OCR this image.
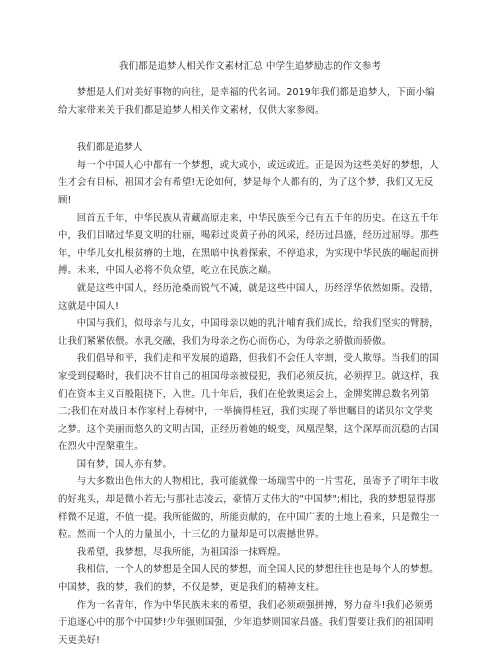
我们都是追梦人相关作文素材汇总 中学生追梦励志的作文参考

梦想是人们对美好事物的向往，是幸福的代名词。2019年我们都是追梦人，下面小编给大家带来关于我们都是追梦人相关作文素材，仅供大家参阅。

我们都是追梦人

每一个中国人心中都有一个梦想，或大或小，或远或近。正是因为这些美好的梦想，人生才会有目标，祖国才会有希望!无论如何，梦是每个人都有的，为了这个梦，我们又无反顾!

回首五千年，中华民族从青藏高原走来，中华民族至今已有五千年的历史。在这五千年中，我们目睹过华夏文明的壮丽，喝彩过炎黄子孙的风采，经历过昌盛，经历过屈辱。那些年，中华儿女扎根贫瘠的土地，在黑暗中执着探索，不停追求，为实现中华民族的崛起而拼搏。未来，中国人必将不负众望，屹立在民族之巅。

就是这些中国人，经历沧桑而锐气不减，就是这些中国人，历经浮华依然如斯。没错，这就是中国人!

中国与我们，似母亲与儿女，中国母亲以她的乳汁哺育我们成长，给我们坚实的臂膀，让我们紧紧依偎。水乳交融，我们为母亲之伤心而伤心，为母亲之骄傲而骄傲。

我们倡导和平，我们走和平发展的道路，但我们不会任人宰割，受人欺辱。当我们的国家受到侵略时，我们决不甘自己的祖国母亲被侵犯，我们必须反抗，必须捍卫。就这样，我们在资本主义百般阻挠下，入世。几十年后，我们在伦敦奥运会上，金牌奖牌总数名列第二;我们在对战日本作家村上春树中，一举摘得桂冠，我们实现了举世瞩目的诺贝尔文学奖之梦。这个美丽而悠久的文明古国，正经历着她的蜕变，凤凰涅槃，这个深厚而沉稳的古国在烈火中涅槃重生。

国有梦，国人亦有梦。

与大多数出色伟大的人物相比，我可能就像一场瑞雪中的一片雪花，虽寄予了明年丰收的好兆头，却是微小若无;与那社志凌云，豪情万丈伟大的"中国梦";相比，我的梦想显得那样微不足道，不值一提。我所能做的，所能贡献的，在中国广袤的土地上看来，只是微尘一粒。然而一个人的力量虽小，十三亿的力量却是可以震撼世界。

我希望，我梦想，尽我所能，为祖国添一抹辉煌。

我相信，一个人的梦想是全国人民的梦想，而全国人民的梦想往往也是每个人的梦想。中国梦，我的梦，我们的梦，不仅是梦，更是我们的精神支柱。

作为一名青年，作为中华民族未来的希望，我们必须顽强拼搏，努力奋斗!我们必须勇于追逐心中的那个中国梦!少年强则国强，少年追梦则国家昌盛。我们誓要让我们的祖国明天更美好!
